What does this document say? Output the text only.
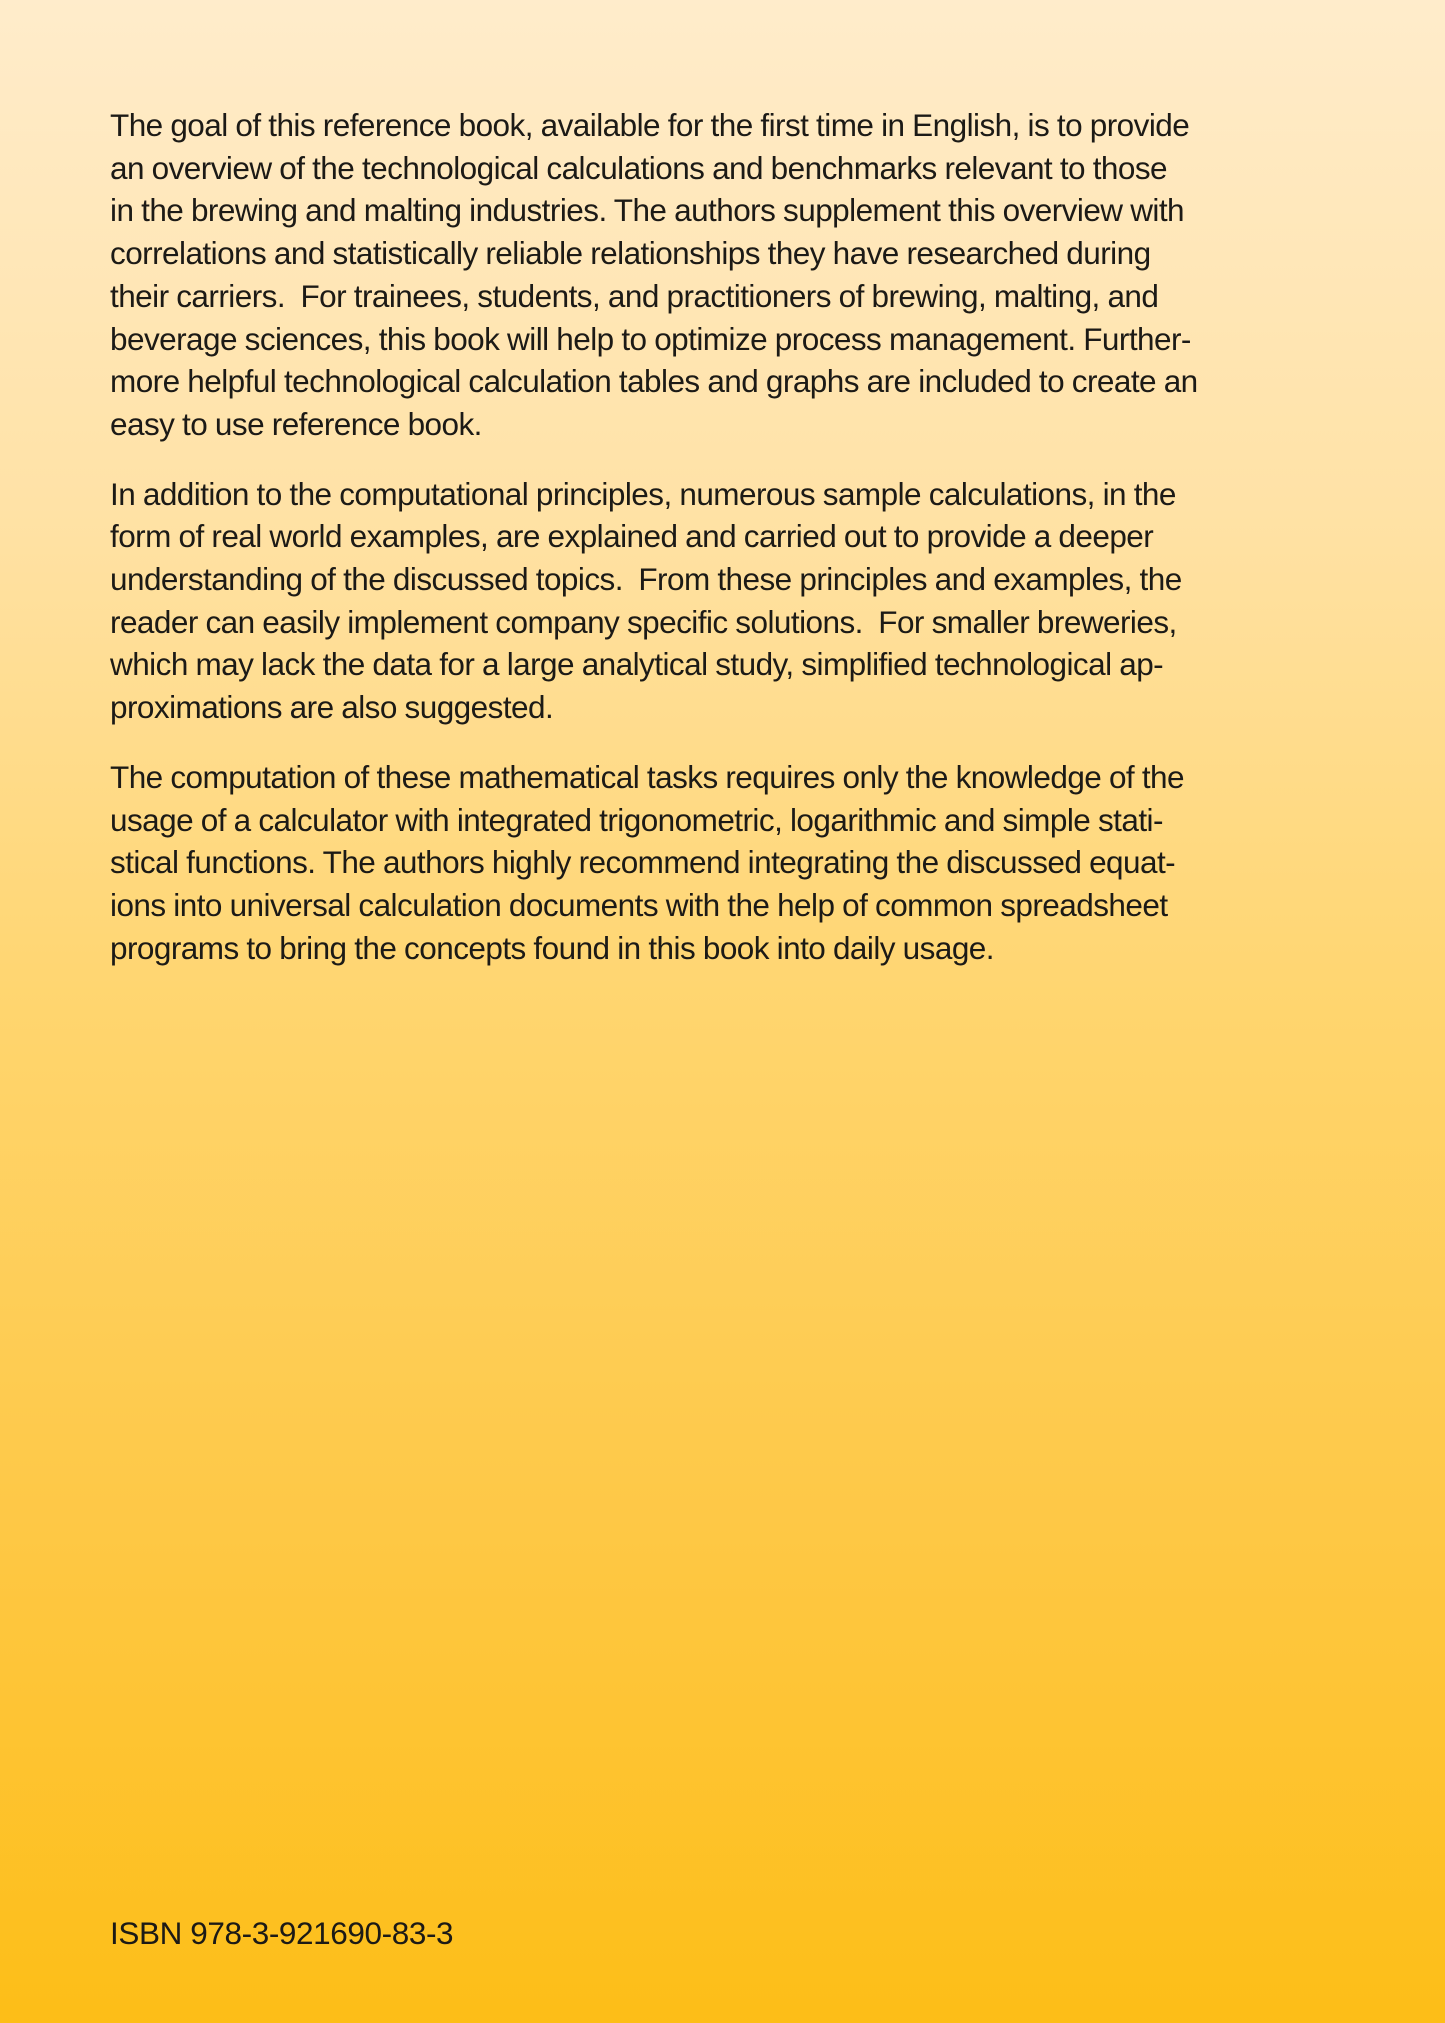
The goal of this reference book, available for the first time in English, is to provide
an overview of the technological calculations and benchmarks relevant to those
in the brewing and malting industries. The authors supplement this overview with
correlations and statistically reliable relationships they have researched during
their carriers.  For trainees, students, and practitioners of brewing, malting, and
beverage sciences, this book will help to optimize process management. Further-
more helpful technological calculation tables and graphs are included to create an
easy to use reference book.

In addition to the computational principles, numerous sample calculations, in the
form of real world examples, are explained and carried out to provide a deeper
understanding of the discussed topics.  From these principles and examples, the
reader can easily implement company specific solutions.  For smaller breweries,
which may lack the data for a large analytical study, simplified technological ap-
proximations are also suggested.

The computation of these mathematical tasks requires only the knowledge of the
usage of a calculator with integrated trigonometric, logarithmic and simple stati-
stical functions. The authors highly recommend integrating the discussed equat-
ions into universal calculation documents with the help of common spreadsheet
programs to bring the concepts found in this book into daily usage.

ISBN 978-3-921690-83-3
